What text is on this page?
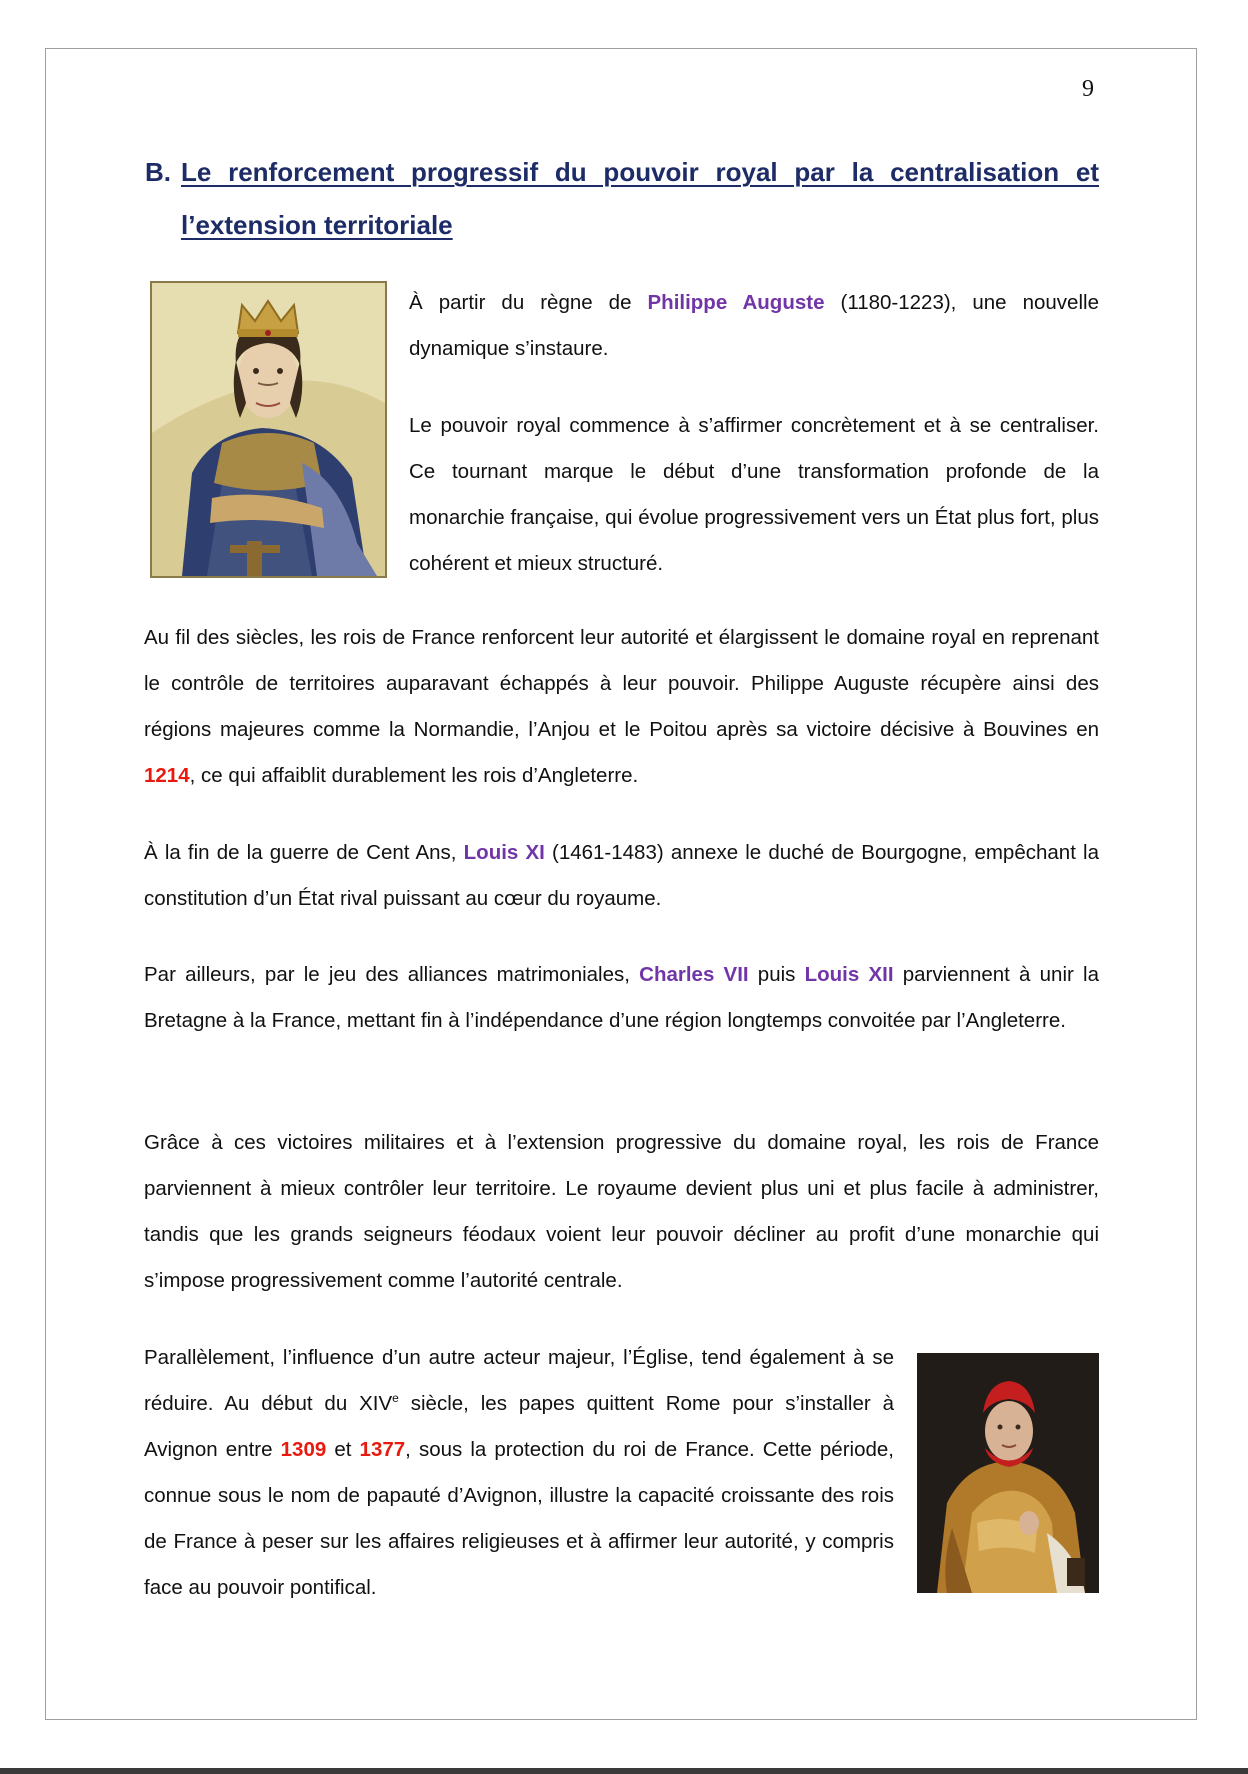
9
B. Le renforcement progressif du pouvoir royal par la centralisation et l’extension territoriale
À partir du règne de Philippe Auguste (1180-1223), une nouvelle dynamique s’instaure.
Le pouvoir royal commence à s’affirmer concrètement et à se centraliser. Ce tournant marque le début d’une transformation profonde de la monarchie française, qui évolue progressivement vers un État plus fort, plus cohérent et mieux structuré.
Au fil des siècles, les rois de France renforcent leur autorité et élargissent le domaine royal en reprenant le contrôle de territoires auparavant échappés à leur pouvoir. Philippe Auguste récupère ainsi des régions majeures comme la Normandie, l’Anjou et le Poitou après sa victoire décisive à Bouvines en 1214, ce qui affaiblit durablement les rois d’Angleterre.
À la fin de la guerre de Cent Ans, Louis XI (1461-1483) annexe le duché de Bourgogne, empêchant la constitution d’un État rival puissant au cœur du royaume.
Par ailleurs, par le jeu des alliances matrimoniales, Charles VII puis Louis XII parviennent à unir la Bretagne à la France, mettant fin à l’indépendance d’une région longtemps convoitée par l’Angleterre.
Grâce à ces victoires militaires et à l’extension progressive du domaine royal, les rois de France parviennent à mieux contrôler leur territoire. Le royaume devient plus uni et plus facile à administrer, tandis que les grands seigneurs féodaux voient leur pouvoir décliner au profit d’une monarchie qui s’impose progressivement comme l’autorité centrale.
Parallèlement, l’influence d’un autre acteur majeur, l’Église, tend également à se réduire. Au début du XIVe siècle, les papes quittent Rome pour s’installer à Avignon entre 1309 et 1377, sous la protection du roi de France. Cette période, connue sous le nom de papauté d’Avignon, illustre la capacité croissante des rois de France à peser sur les affaires religieuses et à affirmer leur autorité, y compris face au pouvoir pontifical.
